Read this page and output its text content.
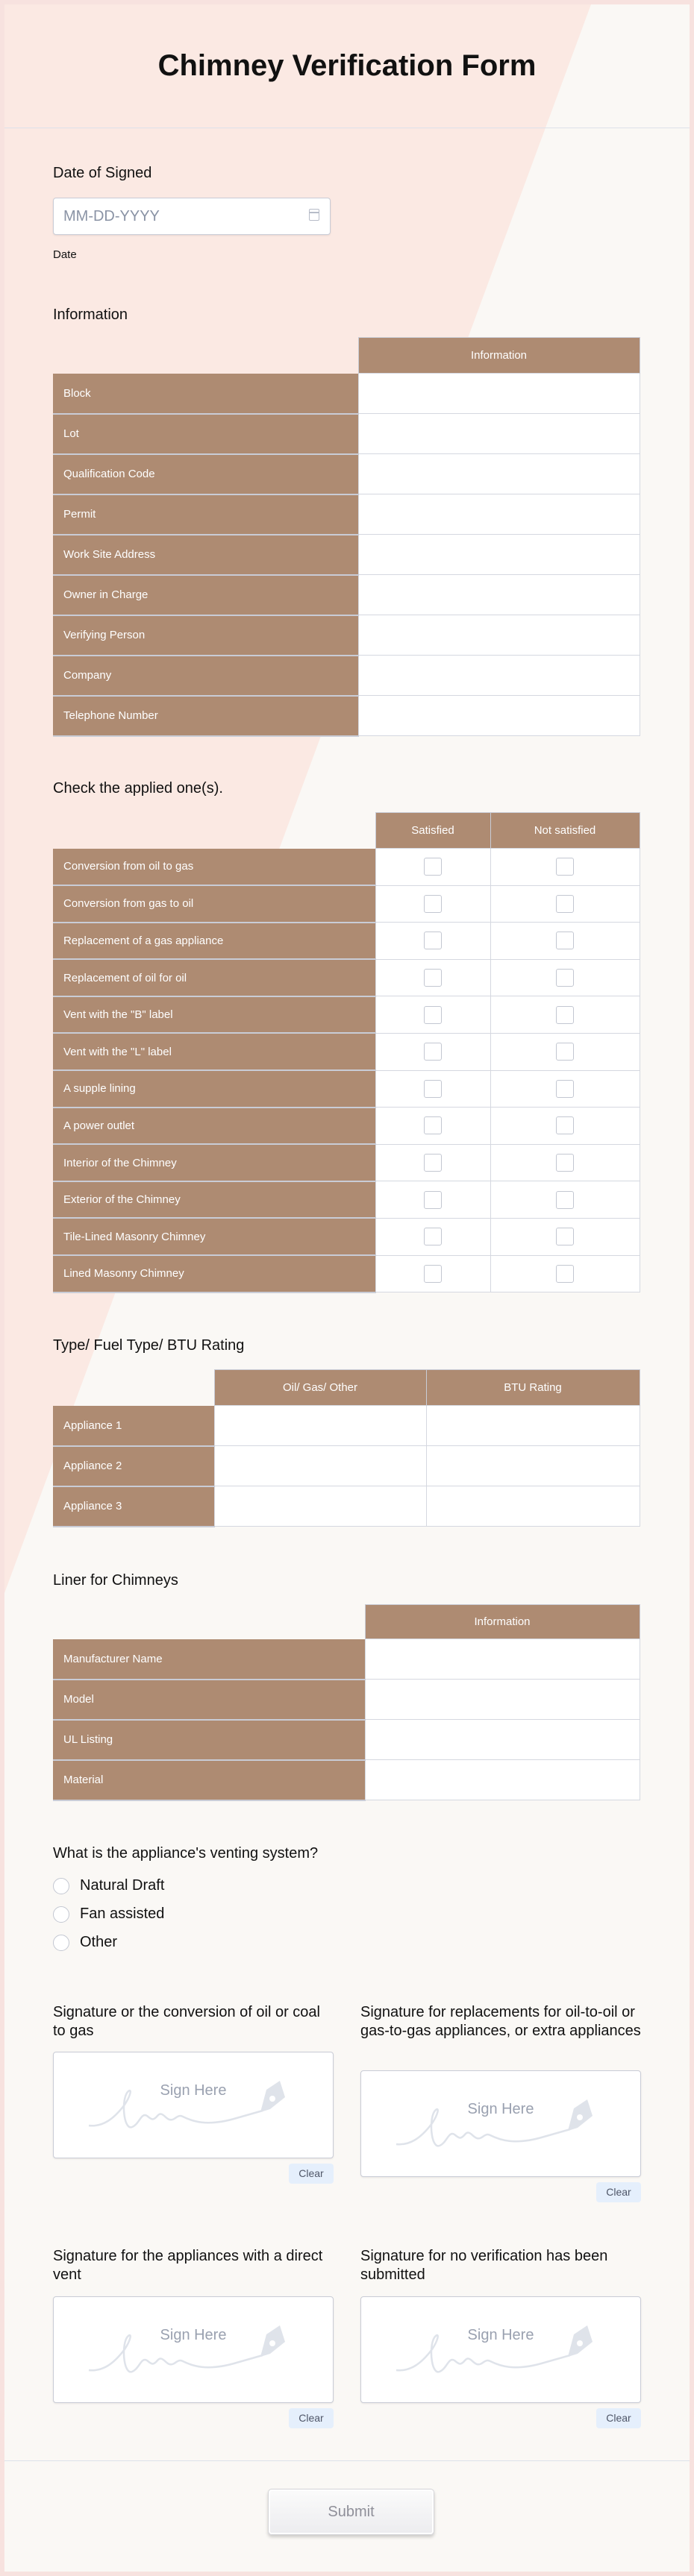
Chimney Verification Form
Date of Signed
MM-DD-YYYY
Date
Information
	Information
Block	
Lot	
Qualification Code	
Permit	
Work Site Address	
Owner in Charge	
Verifying Person	
Company	
Telephone Number	
Check the applied one(s).
	Satisfied	Not satisfied
Conversion from oil to gas		
Conversion from gas to oil		
Replacement of a gas appliance		
Replacement of oil for oil		
Vent with the "B" label		
Vent with the "L" label		
A supple lining		
A power outlet		
Interior of the Chimney		
Exterior of the Chimney		
Tile-Lined Masonry Chimney		
Lined Masonry Chimney		
Type/ Fuel Type/ BTU Rating
	Oil/ Gas/ Other	BTU Rating
Appliance 1		
Appliance 2		
Appliance 3		
Liner for Chimneys
	Information
Manufacturer Name	
Model	
UL Listing	
Material	
What is the appliance's venting system?
Natural Draft
Fan assisted
Other
Signature or the conversion of oil or coal to gas
Sign Here
Clear
Signature for replacements for oil-to-oil or gas-to-gas appliances, or extra appliances
Sign Here
Clear
Signature for the appliances with a direct vent
Sign Here
Clear
Signature for no verification has been submitted
Sign Here
Clear
Submit
